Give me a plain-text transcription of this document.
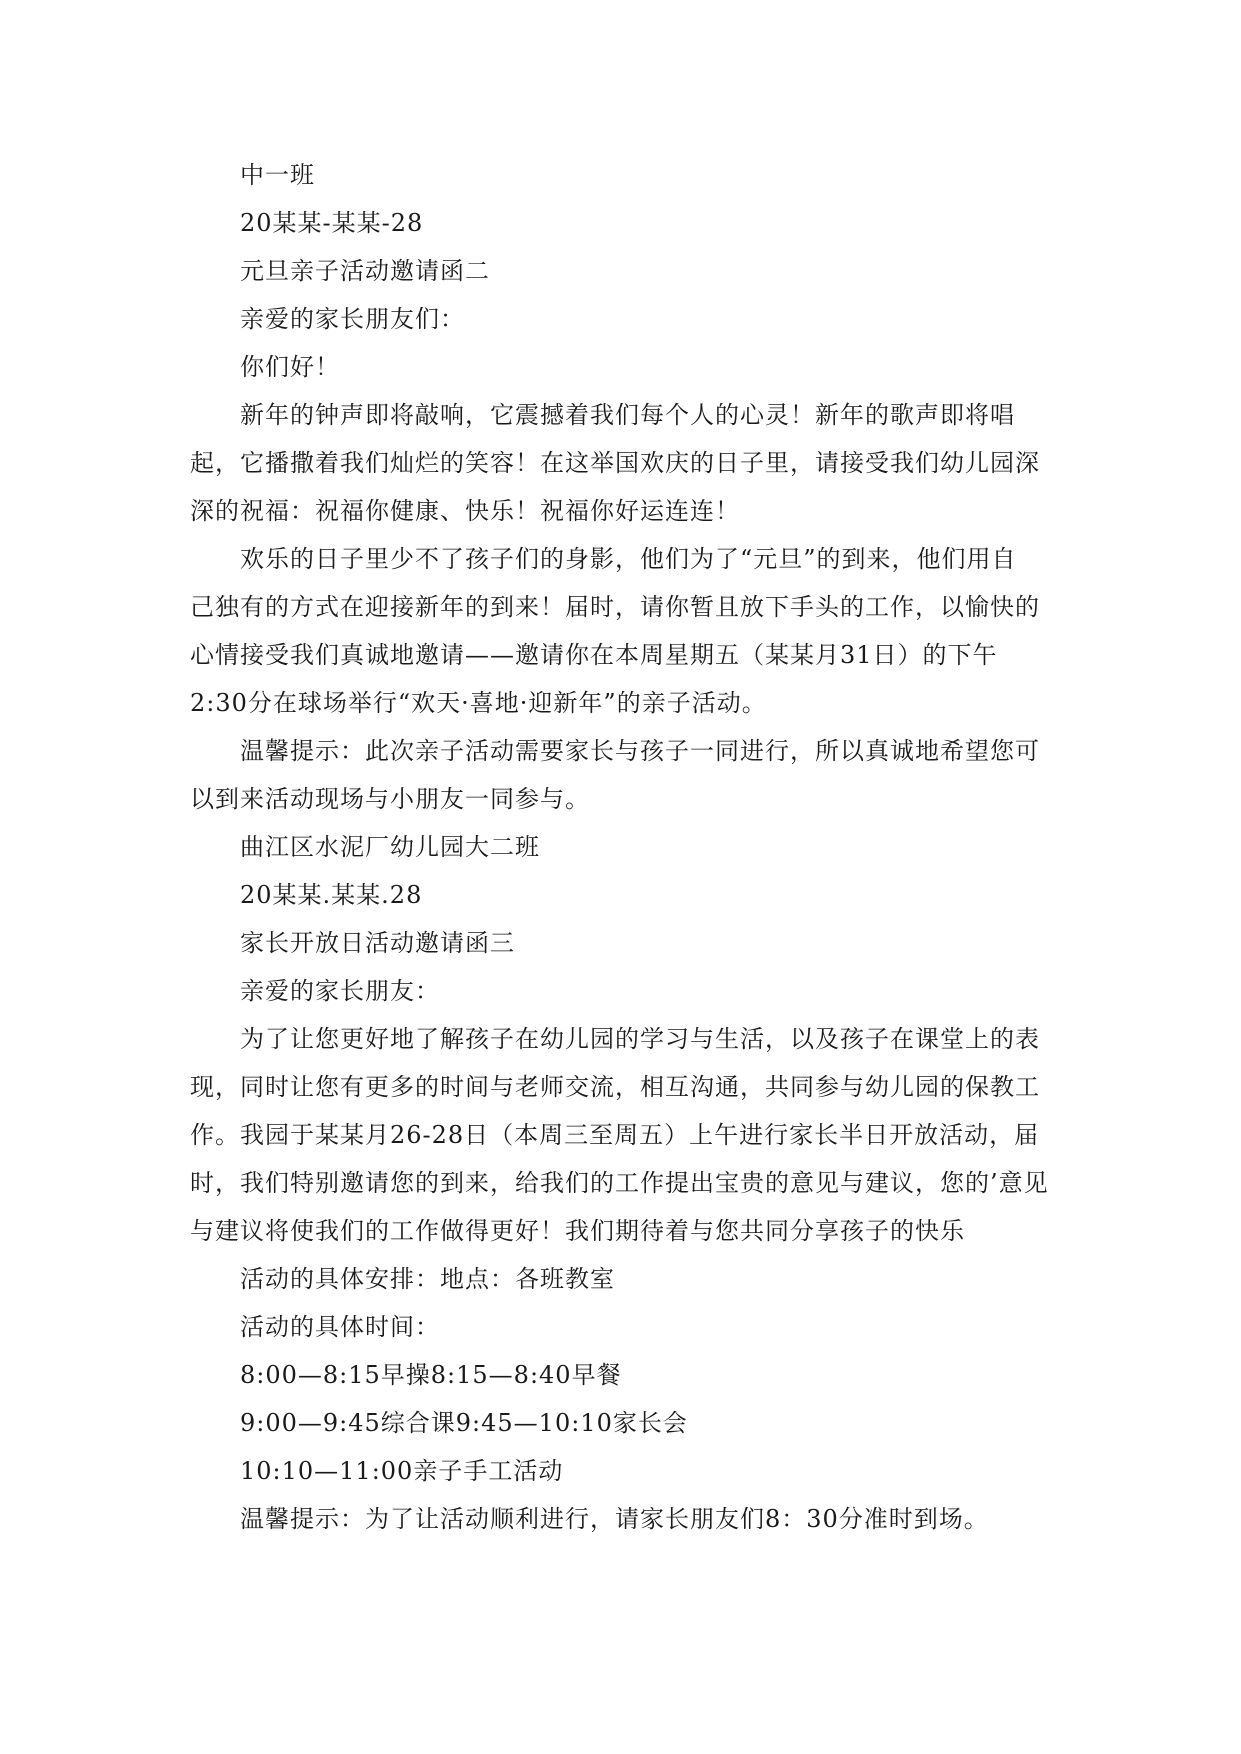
中一班

20某某-某某-28

元旦亲子活动邀请函二

亲爱的家长朋友们：

你们好！

新年的钟声即将敲响，它震撼着我们每个人的心灵！新年的歌声即将唱

起，它播撒着我们灿烂的笑容！在这举国欢庆的日子里，请接受我们幼儿园深

深的祝福：祝福你健康、快乐！祝福你好运连连！

欢乐的日子里少不了孩子们的身影，他们为了“元旦”的到来，他们用自

己独有的方式在迎接新年的到来！届时，请你暂且放下手头的工作，以愉快的

心情接受我们真诚地邀请——邀请你在本周星期五（某某月31日）的下午

2:30分在球场举行“欢天·喜地·迎新年”的亲子活动。

温馨提示：此次亲子活动需要家长与孩子一同进行，所以真诚地希望您可

以到来活动现场与小朋友一同参与。

曲江区水泥厂幼儿园大二班

20某某.某某.28

家长开放日活动邀请函三

亲爱的家长朋友：

为了让您更好地了解孩子在幼儿园的学习与生活，以及孩子在课堂上的表

现，同时让您有更多的时间与老师交流，相互沟通，共同参与幼儿园的保教工

作。我园于某某月26-28日（本周三至周五）上午进行家长半日开放活动，届

时，我们特别邀请您的到来，给我们的工作提出宝贵的意见与建议，您的’意见

与建议将使我们的工作做得更好！我们期待着与您共同分享孩子的快乐

活动的具体安排：地点：各班教室

活动的具体时间：

8:00—8:15早操8:15—8:40早餐

9:00—9:45综合课9:45—10:10家长会

10:10—11:00亲子手工活动

温馨提示：为了让活动顺利进行，请家长朋友们8：30分准时到场。
